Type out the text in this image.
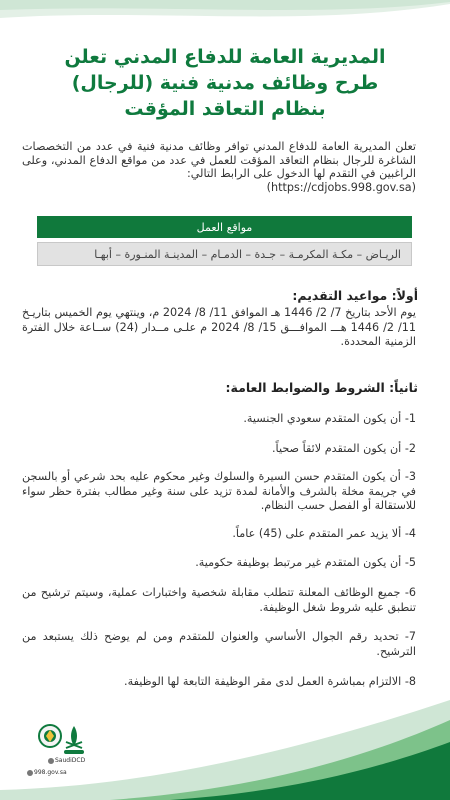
المديرية العامة للدفاع المدني تعلن
طرح وظائف مدنية فنية (للرجال)
بنظام التعاقد المؤقت
تعلن المديرية العامة للدفاع المدني توافر وظائف مدنية فنية في عدد من التخصصات الشاغرة للرجال بنظام التعاقد المؤقت للعمل في عدد من مواقع الدفاع المدني، وعلى الراغبين في التقدم لها الدخول على الرابط التالي:
(https://cdjobs.998.gov.sa)
مواقع العمل
الريـاض – مكـة المكرمـة – جـدة – الدمـام – المدينـة المنـورة – أبهـا
أولاً: مواعيد التقديم:
يوم الأحد بتاريخ 7/ 2/ 1446 هـ الموافق 11/ 8/ 2024 م، وينتهي يوم الخميس بتاريـخ 11/ 2/ 1446 هـــ الموافـــق 15/ 8/ 2024 م علـى مــدار (24) ســاعة خلال الفترة الزمنية المحددة.
ثانياً: الشروط والضوابط العامة:
1- أن يكون المتقدم سعودي الجنسية.
2- أن يكون المتقدم لائقاً صحياً.
3- أن يكون المتقدم حسن السيرة والسلوك وغير محكوم عليه بحد شرعي أو بالسجن في جريمة مخلة بالشرف والأمانة لمدة تزيد على سنة وغير مطالب بفترة حظر سواء للاستقالة أو الفصل حسب النظام.
4- ألا يزيد عمر المتقدم على (45) عاماً.
5- أن يكون المتقدم غير مرتبط بوظيفة حكومية.
6- جميع الوظائف المعلنة تتطلب مقابلة شخصية واختبارات عملية، وسيتم ترشيح من تنطبق عليه شروط شغل الوظيفة.
7- تحديد رقم الجوال الأساسي والعنوان للمتقدم ومن لم يوضح ذلك يستبعد من الترشيح.
8- الالتزام بمباشرة العمل لدى مقر الوظيفة التابعة لها الوظيفة.
SaudiDCD
998.gov.sa
